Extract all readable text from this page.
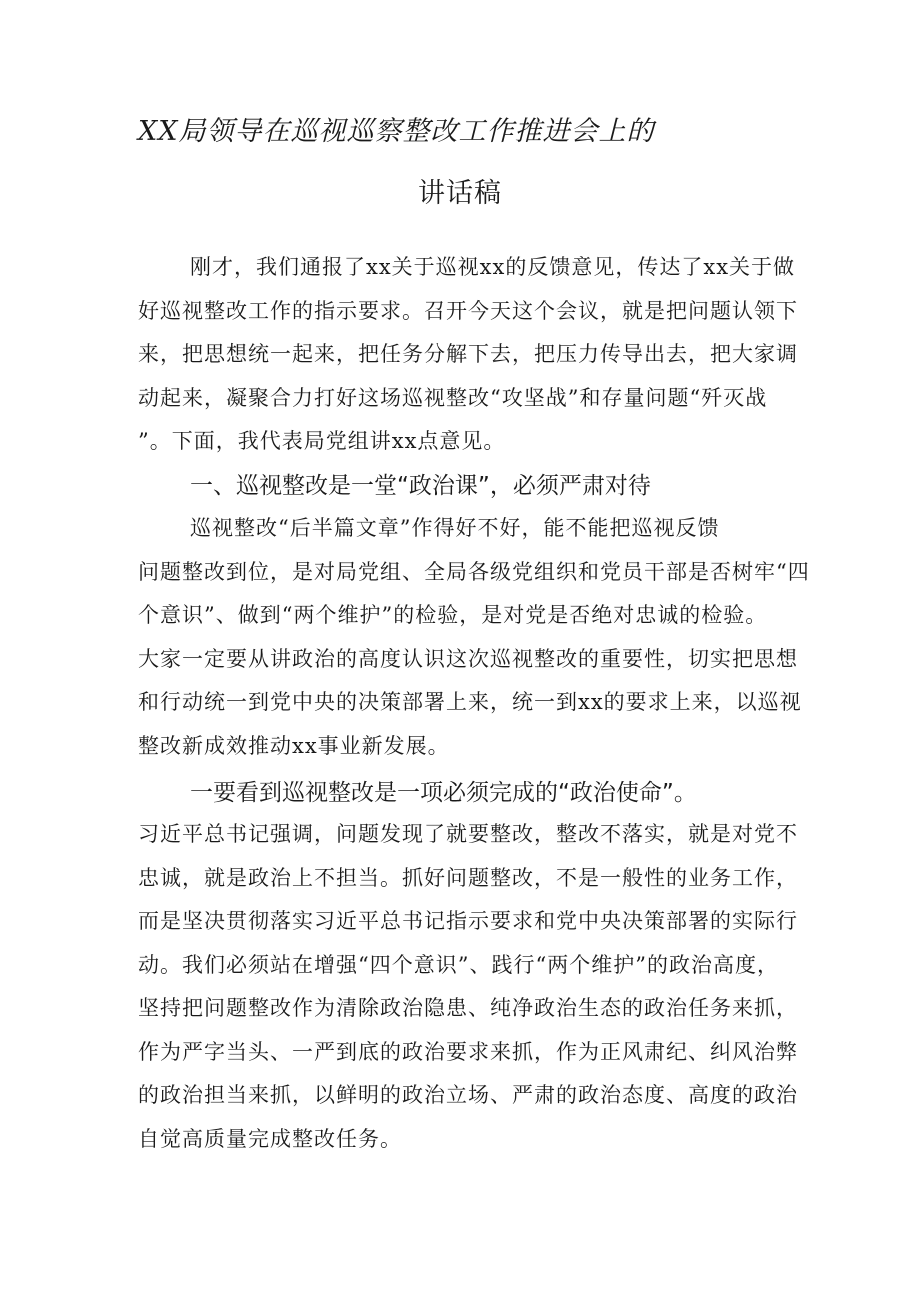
XX局领导在巡视巡察整改工作推进会上的
讲话稿
刚才，我们通报了xx关于巡视xx的反馈意见，传达了xx关于做
好巡视整改工作的指示要求。召开今天这个会议，就是把问题认领下
来，把思想统一起来，把任务分解下去，把压力传导出去，把大家调
动起来，凝聚合力打好这场巡视整改“攻坚战”和存量问题“歼灭战
”。下面，我代表局党组讲xx点意见。
一、巡视整改是一堂“政治课”，必须严肃对待
巡视整改“后半篇文章”作得好不好，能不能把巡视反馈
问题整改到位，是对局党组、全局各级党组织和党员干部是否树牢“四
个意识”、做到“两个维护”的检验，是对党是否绝对忠诚的检验。
大家一定要从讲政治的高度认识这次巡视整改的重要性，切实把思想
和行动统一到党中央的决策部署上来，统一到xx的要求上来，以巡视
整改新成效推动xx事业新发展。
一要看到巡视整改是一项必须完成的“政治使命”。
习近平总书记强调，问题发现了就要整改，整改不落实，就是对党不
忠诚，就是政治上不担当。抓好问题整改，不是一般性的业务工作，
而是坚决贯彻落实习近平总书记指示要求和党中央决策部署的实际行
动。我们必须站在增强“四个意识”、践行“两个维护”的政治高度，
坚持把问题整改作为清除政治隐患、纯净政治生态的政治任务来抓，
作为严字当头、一严到底的政治要求来抓，作为正风肃纪、纠风治弊
的政治担当来抓，以鲜明的政治立场、严肃的政治态度、高度的政治
自觉高质量完成整改任务。
